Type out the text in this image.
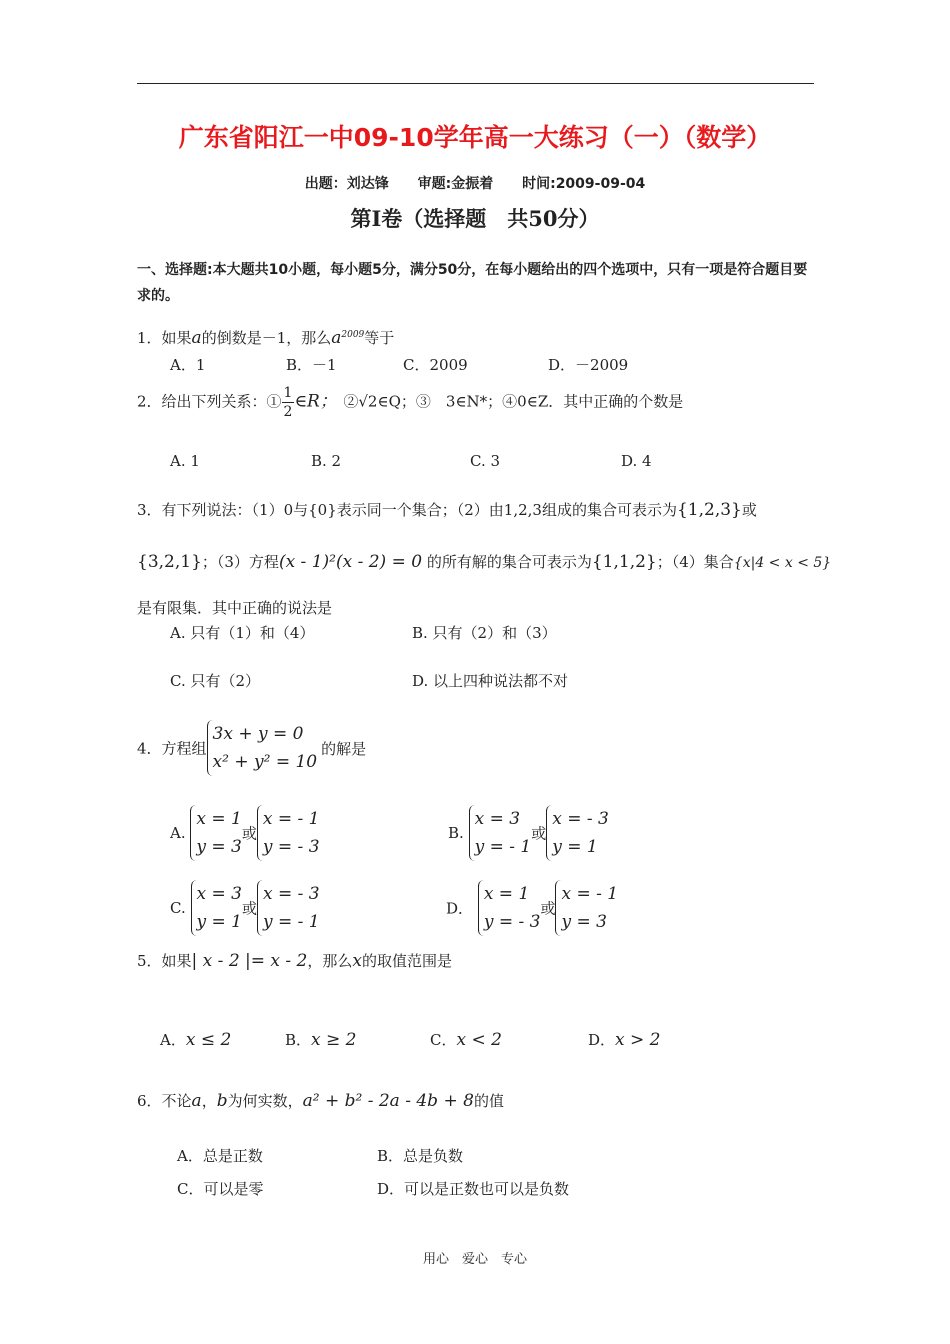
广东省阳江一中09-10学年高一大练习（一）（数学）
出题：刘达锋 审题:金振着 时间:2009-09-04
第Ⅰ卷（选择题　共50分）
一、选择题:本大题共10小题，每小题5分，满分50分，在每小题给出的四个选项中，只有一项是符合题目要求的。
1．如果a的倒数是－1，那么$a^{2009}$等于
A．1	B．－1	C．2009	D．－2009
2．给出下列关系：① $\frac{1}{2}\in R$；　 ②√2∈Q；③　 3∈N*；④0∈Z．其中正确的个数是
A. 1	B. 2	C. 3	D. 4
3．有下列说法：（1）0与{0}表示同一个集合；（2）由1,2,3组成的集合可表示为{1,2,3}或
{3,2,1}；（3）方程(x - 1)²(x - 2) = 0 的所有解的集合可表示为{1,1,2}；（4）集合{x|4 < x < 5}
是有限集．其中正确的说法是
A. 只有（1）和（4）	B. 只有（2）和（3）
C. 只有（2）	D. 以上四种说法都不对
4．方程组3x + y = 0
x² + y² = 10的解是
A. x = 1
y = 3或x = - 1
y = - 3
B. x = 3
y = - 1或x = - 3
y = 1
C. x = 3
y = 1或x = - 3
y = - 1
D． x = 1
y = - 3或x = - 1
y = 3
5．如果| x - 2 |= x - 2，那么x的取值范围是
A．x ≤ 2	B．x ≥ 2	C．x < 2	D．x > 2
6．不论a，b为何实数，a² + b² - 2a - 4b + 8的值
A．总是正数	B．总是负数
C．可以是零	D．可以是正数也可以是负数
用心　爱心　专心
